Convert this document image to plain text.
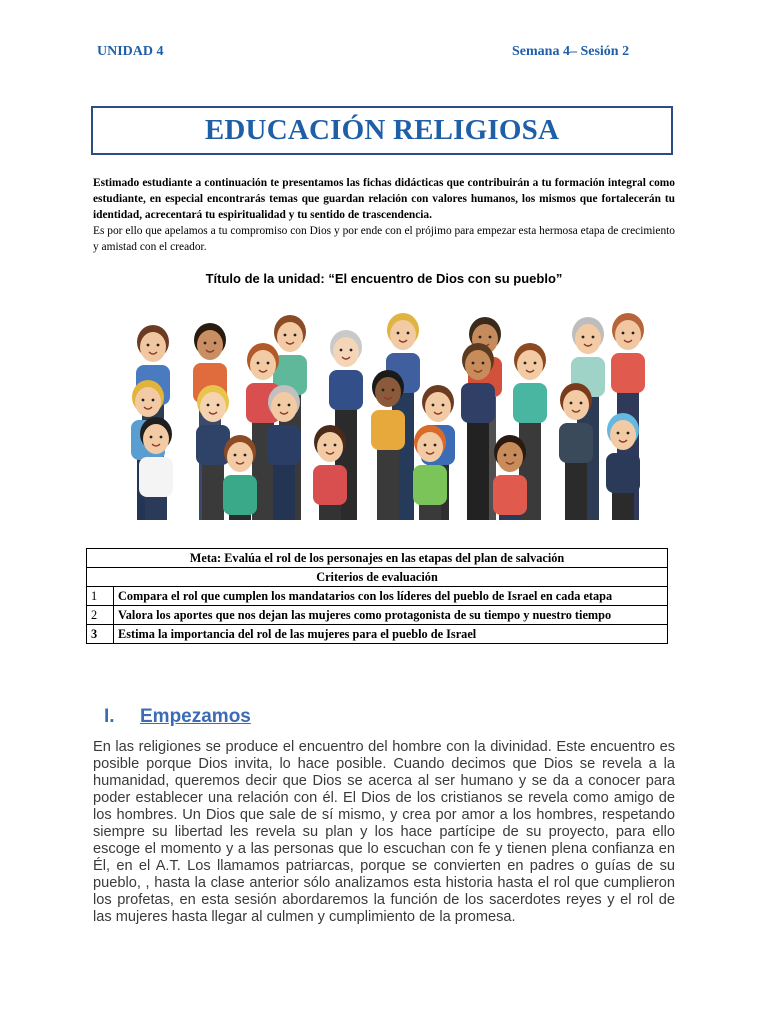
UNIDAD 4	Semana 4– Sesión 2
EDUCACIÓN RELIGIOSA

Estimado estudiante a continuación te presentamos las fichas didácticas que contribuirán a tu formación integral como estudiante, en especial encontrarás temas que guardan relación con valores humanos, los mismos que fortalecerán tu identidad, acrecentará tu espiritualidad y tu sentido de trascendencia.

Es por ello que apelamos a tu compromiso con Dios y por ende con el prójimo para empezar esta hermosa etapa de crecimiento y amistad con el creador.

Título de la unidad: “El encuentro de Dios con su pueblo”
Meta: Evalúa el rol de los personajes en las etapas del plan de salvación	
Criterios de evaluación	
1	Compara el rol que cumplen los mandatarios con los líderes del pueblo de Israel en cada etapa
2	Valora los aportes que nos dejan las mujeres como protagonista de su tiempo y nuestro tiempo
3	Estima la importancia del rol de las mujeres para el pueblo de Israel
I. Empezamos
En las religiones se produce el encuentro del hombre con la divinidad. Este encuentro es posible porque Dios invita, lo hace posible. Cuando decimos que Dios se revela a la humanidad, queremos decir que Dios se acerca al ser humano y se da a conocer para poder establecer una relación con él. El Dios de los cristianos se revela como amigo de los hombres. Un Dios que sale de sí mismo, y crea por amor a los hombres, respetando siempre su libertad les revela su plan y los hace partícipe de su proyecto, para ello escoge el momento y a las personas que lo escuchan con fe y tienen plena confianza en Él, en el A.T. Los llamamos patriarcas, porque se convierten en padres o guías de su pueblo, , hasta la clase anterior sólo analizamos esta historia hasta el rol que cumplieron los profetas, en esta sesión abordaremos la función de los sacerdotes reyes y el rol de las mujeres hasta llegar al culmen y cumplimiento de la promesa.
